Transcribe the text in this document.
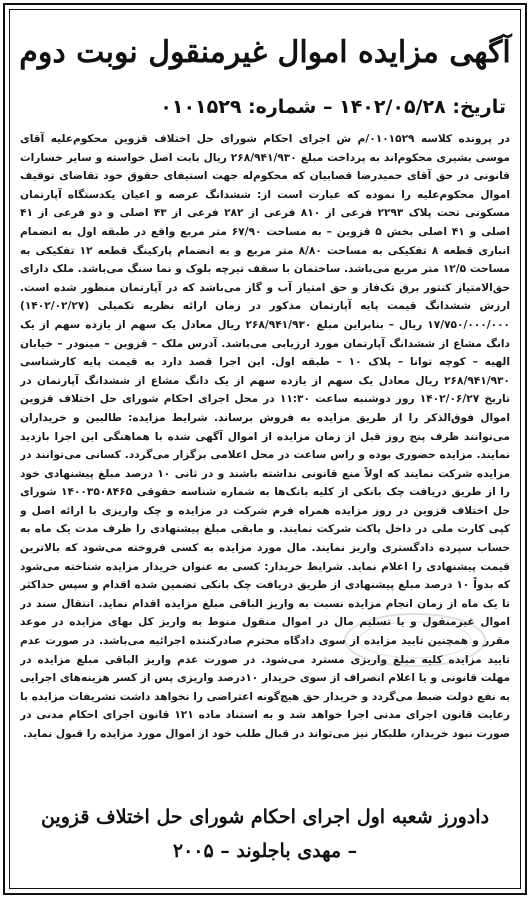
آگهی مزایده اموال غیرمنقول نوبت دوم
تاریخ: ۱۴۰۲/۰۵/۲۸ – شماره: ۰۱۰۱۵۲۹

در پرونده کلاسه ۰۱۰۱۵۲۹/م ش اجرای احکام شورای حل اختلاف قزوین محکوم‌علیه آقای موسی بشیری محکوم‌اند به پرداخت مبلغ ۲۶۸/۹۴۱/۹۳۰ ریال بابت اصل خواسته و سایر خسارات قانونی در حق آقای حمیدرضا قصابیان که محکوم‌له جهت استیفای حقوق خود تقاضای توقیف اموال محکوم‌علیه را نموده که عبارت است از: ششدانگ عرصه و اعیان یکدستگاه آپارتمان مسکونی تحت پلاک ۲۲۹۳ فرعی از ۸۱۰ فرعی از ۲۸۲ فرعی از ۴۳ اصلی و دو فرعی از ۴۱ اصلی و ۴۱ اصلی بخش ۵ قزوین – به مساحت ۶۷/۹۰ متر مربع واقع در طبقه اول به انضمام انباری قطعه ۸ تفکیکی به مساحت ۸/۸۰ متر مربع و به انضمام پارکینگ قطعه ۱۲ تفکیکی به مساحت ۱۲/۵ متر مربع می‌باشد. ساختمان با سقف تیرچه بلوک و نما سنگ می‌باشد. ملک دارای حق‌الامتیاز کنتور برق تک‌فاز و حق امتیاز آب و گاز می‌باشد که در آپارتمان منظور شده است. ارزش ششدانگ قیمت پایه آپارتمان مذکور در زمان ارائه نظریه تکمیلی (۱۴۰۲/۰۲/۲۷) ۱۷/۷۵۰/۰۰۰/۰۰۰ ریال – بنابراین مبلغ ۲۶۸/۹۴۱/۹۳۰ ریال معادل یک سهم از یازده سهم از یک دانگ مشاع از ششدانگ آپارتمان مورد ارزیابی می‌باشد. آدرس ملک – قزوین – مینودر – خیابان الهیه – کوچه توانا – پلاک ۱۰ – طبقه اول. این اجرا قصد دارد به قیمت پایه کارشناسی ۲۶۸/۹۴۱/۹۳۰ ریال معادل یک سهم از یازده سهم از یک دانگ مشاع از ششدانگ آپارتمان در تاریخ ۱۴۰۲/۰۶/۲۷ روز دوشنبه ساعت ۱۱:۳۰ در محل اجرای احکام شورای حل اختلاف قزوین اموال فوق‌الذکر را از طریق مزایده به فروش برساند. شرایط مزایده: طالبین و خریداران می‌توانند ظرف پنج روز قبل از زمان مزایده از اموال آگهی شده با هماهنگی این اجرا بازدید نمایند. مزایده حضوری بوده و راس ساعت در محل اعلامی برگزار می‌گردد. کسانی می‌توانند در مزایده شرکت نمایند که اولاً منع قانونی نداشته باشند و در ثانی ۱۰ درصد مبلغ پیشنهادی خود را از طریق دریافت چک بانکی از کلیه بانک‌ها به شماره شناسه حقوقی ۱۴۰۰۳۵۰۸۴۶۵ شورای حل اختلاف قزوین در روز مزایده همراه فرم شرکت در مزایده و چک واریزی با ارائه اصل و کپی کارت ملی در داخل پاکت شرکت نمایند. و مابقی مبلغ پیشنهادی را ظرف مدت یک ماه به حساب سپرده دادگستری واریز نمایند. مال مورد مزایده به کسی فروخته می‌شود که بالاترین قیمت پیشنهادی را اعلام نماید. شرایط خریدار: کسی به عنوان خریدار مزایده شناخته می‌شود که بدواً ۱۰ درصد مبلغ پیشنهادی از طریق دریافت چک بانکی تضمین شده اقدام و سپس حداکثر تا یک ماه از زمان انجام مزایده نسبت به واریز الباقی مبلغ مزایده اقدام نماید. انتقال سند در اموال غیرمنقول و یا تسلیم مال در اموال منقول منوط به واریز کل بهای مزایده در موعد مقرر و همچنین تایید مزایده از سوی دادگاه محترم صادرکننده اجرائیه می‌باشد. در صورت عدم تایید مزایده کلیه مبلغ واریزی مسترد می‌شود. در صورت عدم واریز الباقی مبلغ مزایده در مهلت قانونی و یا اعلام انصراف از سوی خریدار ۱۰درصد واریزی پس از کسر هزینه‌های اجرایی به نفع دولت ضبط می‌گردد و خریدار حق هیچ‌گونه اعتراضی را نخواهد داشت تشریفات مزایده با رعایت قانون اجرای مدنی اجرا خواهد شد و به استناد ماده ۱۲۱ قانون اجرای احکام مدنی در صورت نبود خریدار، طلبکار نیز می‌تواند در قبال طلب خود از اموال مورد مزایده را قبول نماید.

دادورز شعبه اول اجرای احکام شورای حل اختلاف قزوین
– مهدی باجلوند – ۲۰۰۵
